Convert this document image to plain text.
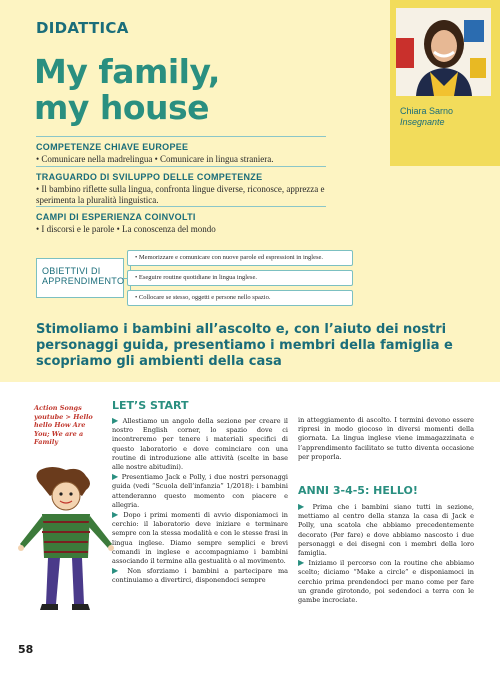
DIDATTICA
My family,
my house	Chiara Sarno
Insegnante
COMPETENZE CHIAVE EUROPEE
• Comunicare nella madrelingua • Comunicare in lingua straniera.
TRAGUARDO DI SVILUPPO DELLE COMPETENZE
• Il bambino riflette sulla lingua, confronta lingue diverse, riconosce, apprezza e sperimenta la pluralità linguistica.
CAMPI DI ESPERIENZA COINVOLTI
• I discorsi e le parole • La conoscenza del mondo
OBIETTIVI DI
APPRENDIMENTO
• Memorizzare e comunicare con nuove parole ed espressioni in inglese.
• Eseguire routine quotidiane in lingua inglese.
• Collocare se stesso, oggetti e persone nello spazio.
Stimoliamo i bambini all’ascolto e, con l’aiuto dei nostri personaggi guida, presentiamo i membri della famiglia e scopriamo gli ambienti della casa
Action Songs youtube > Hello hello How Are You; We are a Family
LET’S START

▶ Allestiamo un angolo della sezione per creare il nostro English corner, lo spazio dove ci incontreremo per tenere i materiali specifici di questo laboratorio e dove cominciare con una routine di introduzione alle attività (scelte in base alle nostre abitudini).

▶ Presentiamo Jack e Polly, i due nostri personaggi guida (vedi “Scuola dell’infanzia” 1/2018): i bambini attenderanno questo momento con piacere e allegria.

▶ Dopo i primi momenti di avvio disponiamoci in cerchio: il laboratorio deve iniziare e terminare sempre con la stessa modalità e con le stesse frasi in lingua inglese. Diamo sempre semplici e brevi comandi in inglese e accompagniamo i bambini associando il termine alla gestualità o al movimento.

▶ Non sforziamo i bambini a partecipare ma continuiamo a divertirci, disponendoci sempre

in atteggiamento di ascolto. I termini devono essere ripresi in modo giocoso in diversi momenti della giornata. La lingua inglese viene immagazzinata e l’apprendimento facilitato se tutto diventa occasione per proporla.
ANNI 3-4-5: HELLO!

▶ Prima che i bambini siano tutti in sezione, mettiamo al centro della stanza la casa di Jack e Polly, una scatola che abbiamo precedentemente decorato (Per fare) e dove abbiamo nascosto i due personaggi e dei disegni con i membri della loro famiglia.

▶ Iniziamo il percorso con la routine che abbiamo scelto; diciamo “Make a circle” e disponiamoci in cerchio prima prendendoci per mano come per fare un grande girotondo, poi sedendoci a terra con le gambe incrociate.

58
